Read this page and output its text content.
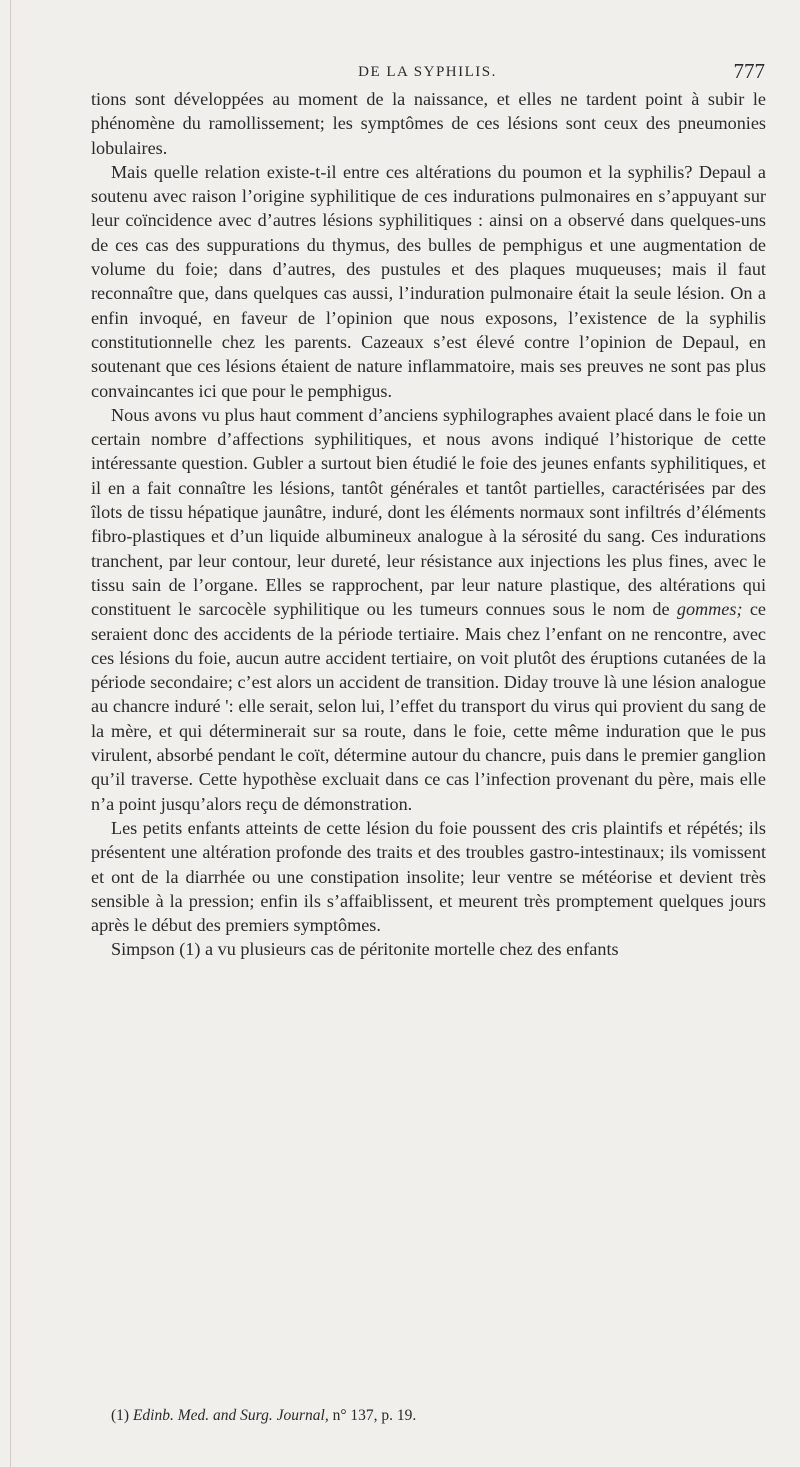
DE LA SYPHILIS.	777

tions sont développées au moment de la naissance, et elles ne tardent point à subir le phénomène du ramollissement; les symptômes de ces lésions sont ceux des pneumonies lobulaires.

Mais quelle relation existe-t-il entre ces altérations du poumon et la syphilis? Depaul a soutenu avec raison l’origine syphilitique de ces indurations pulmonaires en s’appuyant sur leur coïncidence avec d’autres lésions syphilitiques : ainsi on a observé dans quelques-uns de ces cas des suppurations du thymus, des bulles de pemphigus et une augmentation de volume du foie; dans d’autres, des pustules et des plaques muqueuses; mais il faut reconnaître que, dans quelques cas aussi, l’induration pulmonaire était la seule lésion. On a enfin invoqué, en faveur de l’opinion que nous exposons, l’existence de la syphilis constitutionnelle chez les parents. Cazeaux s’est élevé contre l’opinion de Depaul, en soutenant que ces lésions étaient de nature inflammatoire, mais ses preuves ne sont pas plus convaincantes ici que pour le pemphigus.

Nous avons vu plus haut comment d’anciens syphilographes avaient placé dans le foie un certain nombre d’affections syphilitiques, et nous avons indiqué l’historique de cette intéressante question. Gubler a surtout bien étudié le foie des jeunes enfants syphilitiques, et il en a fait connaître les lésions, tantôt générales et tantôt partielles, caractérisées par des îlots de tissu hépatique jaunâtre, induré, dont les éléments normaux sont infiltrés d’éléments fibro-plastiques et d’un liquide albumineux analogue à la sérosité du sang. Ces indurations tranchent, par leur contour, leur dureté, leur résistance aux injections les plus fines, avec le tissu sain de l’organe. Elles se rapprochent, par leur nature plastique, des altérations qui constituent le sarcocèle syphilitique ou les tumeurs connues sous le nom de gommes; ce seraient donc des accidents de la période tertiaire. Mais chez l’enfant on ne rencontre, avec ces lésions du foie, aucun autre accident tertiaire, on voit plutôt des éruptions cutanées de la période secondaire; c’est alors un accident de transition. Diday trouve là une lésion analogue au chancre induré ': elle serait, selon lui, l’effet du transport du virus qui provient du sang de la mère, et qui déterminerait sur sa route, dans le foie, cette même induration que le pus virulent, absorbé pendant le coït, détermine autour du chancre, puis dans le premier ganglion qu’il traverse. Cette hypothèse excluait dans ce cas l’infection provenant du père, mais elle n’a point jusqu’alors reçu de démonstration.

Les petits enfants atteints de cette lésion du foie poussent des cris plaintifs et répétés; ils présentent une altération profonde des traits et des troubles gastro-intestinaux; ils vomissent et ont de la diarrhée ou une constipation insolite; leur ventre se météorise et devient très sensible à la pression; enfin ils s’affaiblissent, et meurent très promptement quelques jours après le début des premiers symptômes.

Simpson (1) a vu plusieurs cas de péritonite mortelle chez des enfants

(1) Edinb. Med. and Surg. Journal, n° 137, p. 19.
